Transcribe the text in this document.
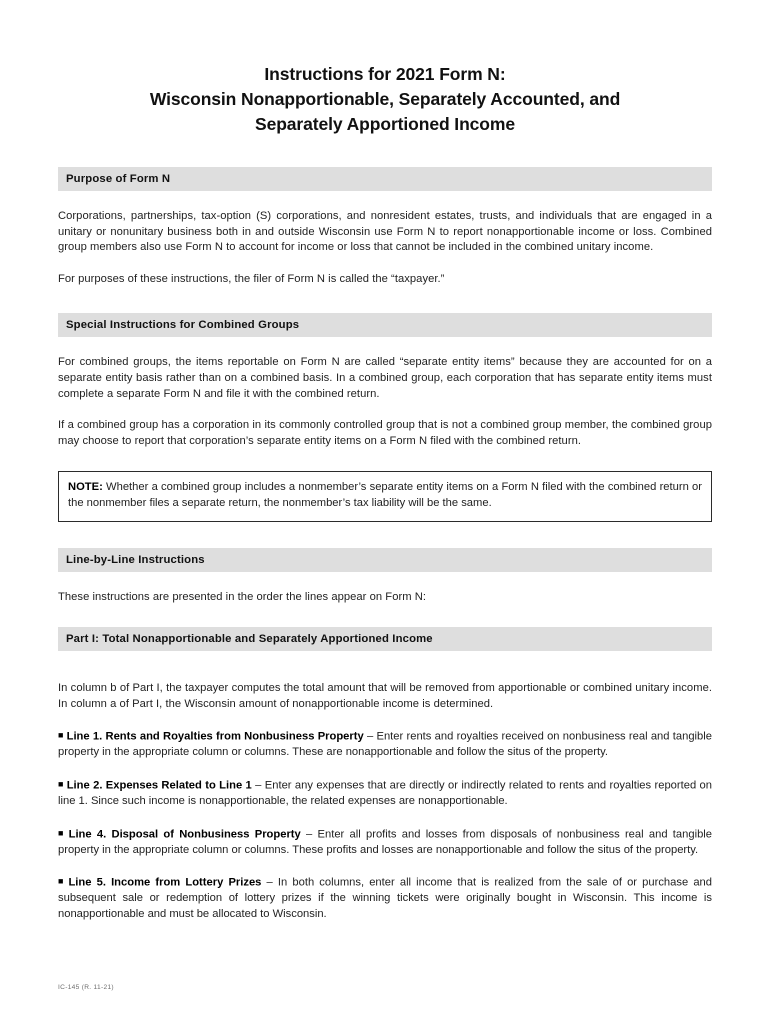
Instructions for 2021 Form N:
Wisconsin Nonapportionable, Separately Accounted, and
Separately Apportioned Income
Purpose of Form N

Corporations, partnerships, tax-option (S) corporations, and nonresident estates, trusts, and individuals that are engaged in a unitary or nonunitary business both in and outside Wisconsin use Form N to report nonapportionable income or loss. Combined group members also use Form N to account for income or loss that cannot be included in the combined unitary income.

For purposes of these instructions, the filer of Form N is called the “taxpayer.”

Special Instructions for Combined Groups

For combined groups, the items reportable on Form N are called “separate entity items” because they are accounted for on a separate entity basis rather than on a combined basis. In a combined group, each corporation that has separate entity items must complete a separate Form N and file it with the combined return.

If a combined group has a corporation in its commonly controlled group that is not a combined group member, the combined group may choose to report that corporation’s separate entity items on a Form N filed with the combined return.

NOTE: Whether a combined group includes a nonmember’s separate entity items on a Form N filed with the combined return or the nonmember files a separate return, the nonmember’s tax liability will be the same.

Line-by-Line Instructions

These instructions are presented in the order the lines appear on Form N:

Part I: Total Nonapportionable and Separately Apportioned Income

In column b of Part I, the taxpayer computes the total amount that will be removed from apportionable or combined unitary income. In column a of Part I, the Wisconsin amount of nonapportionable income is determined.

■ Line 1. Rents and Royalties from Nonbusiness Property – Enter rents and royalties received on nonbusiness real and tangible property in the appropriate column or columns. These are nonapportionable and follow the situs of the property.

■ Line 2. Expenses Related to Line 1 – Enter any expenses that are directly or indirectly related to rents and royalties reported on line 1. Since such income is nonapportionable, the related expenses are nonapportionable.

■ Line 4. Disposal of Nonbusiness Property – Enter all profits and losses from disposals of nonbusiness real and tangible property in the appropriate column or columns. These profits and losses are nonapportionable and follow the situs of the property.

■ Line 5. Income from Lottery Prizes – In both columns, enter all income that is realized from the sale of or purchase and subsequent sale or redemption of lottery prizes if the winning tickets were originally bought in Wisconsin. This income is nonapportionable and must be allocated to Wisconsin.

IC-145 (R. 11-21)
